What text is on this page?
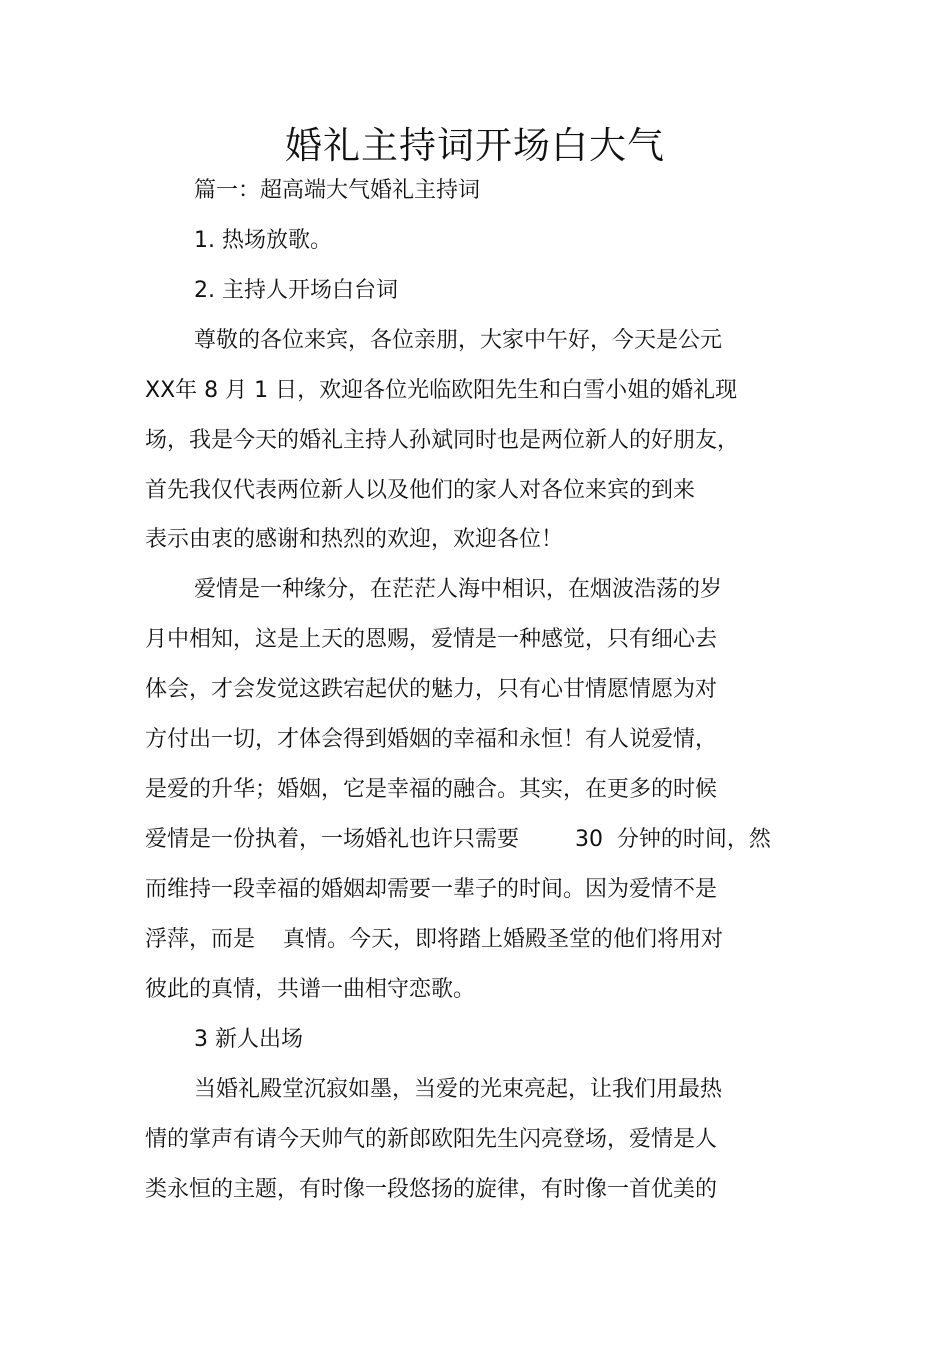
婚礼主持词开场白大气
篇一：超高端大气婚礼主持词
1. 热场放歌。
2. 主持人开场白台词
尊敬的各位来宾，各位亲朋，大家中午好，今天是公元
XX年 8 月 1 日，欢迎各位光临欧阳先生和白雪小姐的婚礼现
场，我是今天的婚礼主持人孙斌同时也是两位新人的好朋友，
首先我仅代表两位新人以及他们的家人对各位来宾的到来
表示由衷的感谢和热烈的欢迎，欢迎各位！
爱情是一种缘分，在茫茫人海中相识，在烟波浩荡的岁
月中相知，这是上天的恩赐，爱情是一种感觉，只有细心去
体会，才会发觉这跌宕起伏的魅力，只有心甘情愿情愿为对
方付出一切，才体会得到婚姻的幸福和永恒！有人说爱情，
是爱的升华；婚姻，它是幸福的融合。其实，在更多的时候
爱情是一份执着，一场婚礼也许只需要        30  分钟的时间，然
而维持一段幸福的婚姻却需要一辈子的时间。因为爱情不是
浮萍，而是    真情。今天，即将踏上婚殿圣堂的他们将用对
彼此的真情，共谱一曲相守恋歌。
3 新人出场
当婚礼殿堂沉寂如墨，当爱的光束亮起，让我们用最热
情的掌声有请今天帅气的新郎欧阳先生闪亮登场，爱情是人
类永恒的主题，有时像一段悠扬的旋律，有时像一首优美的
